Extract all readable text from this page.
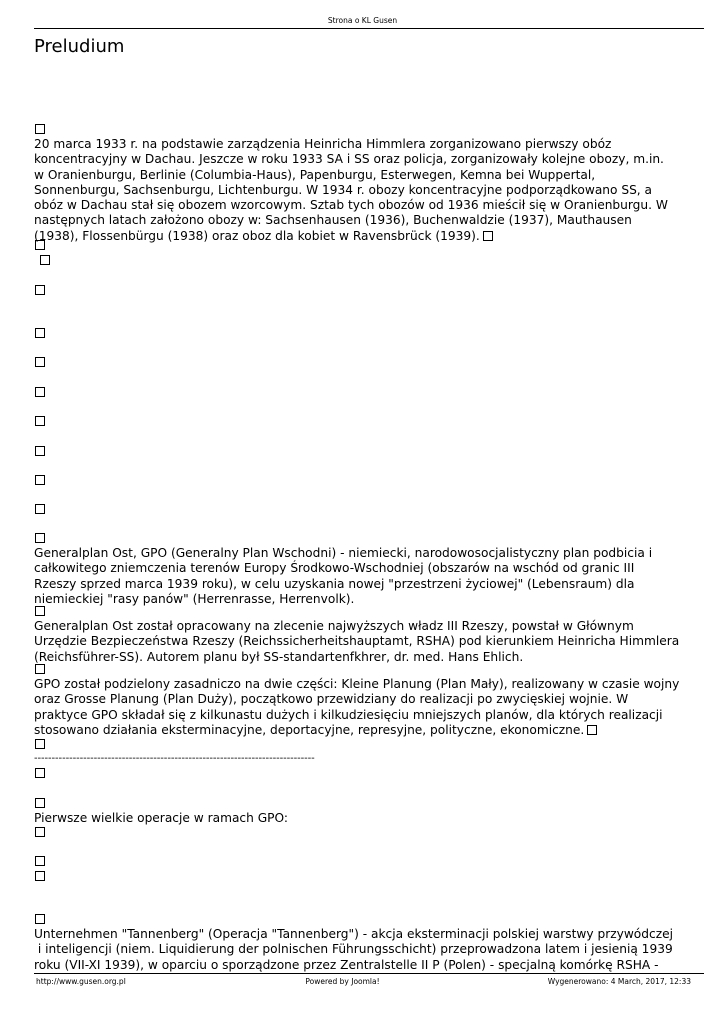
Strona o KL Gusen
Preludium
20 marca 1933 r. na podstawie zarządzenia Heinricha Himmlera zorganizowano pierwszy obóz
koncentracyjny w Dachau. Jeszcze w roku 1933 SA i SS oraz policja, zorganizowały kolejne obozy, m.in.
w Oranienburgu, Berlinie (Columbia-Haus), Papenburgu, Esterwegen, Kemna bei Wuppertal,
Sonnenburgu, Sachsenburgu, Lichtenburgu. W 1934 r. obozy koncentracyjne podporządkowano SS, a
obóz w Dachau stał się obozem wzorcowym. Sztab tych obozów od 1936 mieścił się w Oranienburgu. W
następnych latach założono obozy w: Sachsenhausen (1936), Buchenwaldzie (1937), Mauthausen
(1938), Flossenbürgu (1938) oraz oboz dla kobiet w Ravensbrück (1939).
Generalplan Ost, GPO (Generalny Plan Wschodni) - niemiecki, narodowosocjalistyczny plan podbicia i
całkowitego zniemczenia terenów Europy Środkowo-Wschodniej (obszarów na wschód od granic III
Rzeszy sprzed marca 1939 roku), w celu uzyskania nowej "przestrzeni życiowej" (Lebensraum) dla
niemieckiej "rasy panów" (Herrenrasse, Herrenvolk).
Generalplan Ost został opracowany na zlecenie najwyższych władz III Rzeszy, powstał w Głównym
Urzędzie Bezpieczeństwa Rzeszy (Reichssicherheitshauptamt, RSHA) pod kierunkiem Heinricha Himmlera
(Reichsführer-SS). Autorem planu był SS-standartenfkhrer, dr. med. Hans Ehlich.
GPO został podzielony zasadniczo na dwie części: Kleine Planung (Plan Mały), realizowany w czasie wojny
oraz Grosse Planung (Plan Duży), początkowo przewidziany do realizacji po zwycięskiej wojnie. W
praktyce GPO składał się z kilkunastu dużych i kilkudziesięciu mniejszych planów, dla których realizacji
stosowano działania eksterminacyjne, deportacyjne, represyjne, polityczne, ekonomiczne.
--------------------------------------------------------------------------------
Pierwsze wielkie operacje w ramach GPO:
Unternehmen "Tannenberg" (Operacja "Tannenberg") - akcja eksterminacji polskiej warstwy przywódczej
i inteligencji (niem. Liquidierung der polnischen Führungsschicht) przeprowadzona latem i jesienią 1939
roku (VII-XI 1939), w oparciu o sporządzone przez Zentralstelle II P (Polen) - specjalną komórkę RSHA -
http://www.gusen.org.pl	Powered by Joomla!	Wygenerowano: 4 March, 2017, 12:33
